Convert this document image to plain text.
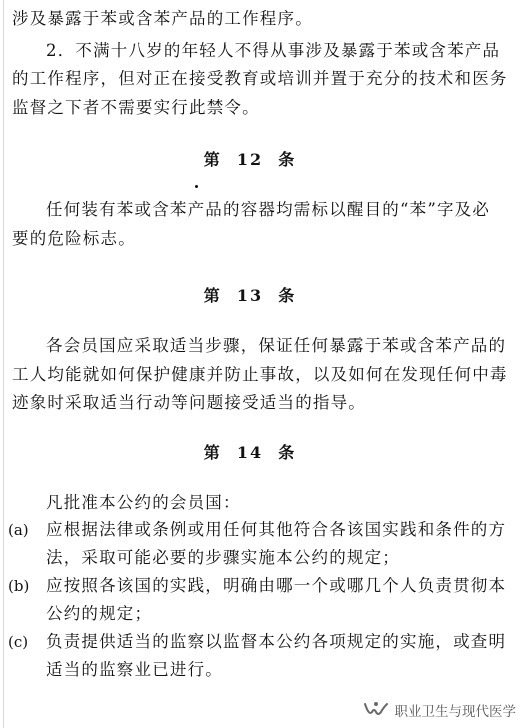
涉及暴露于苯或含苯产品的工作程序。
2．不满十八岁的年轻人不得从事涉及暴露于苯或含苯产品
的工作程序，但对正在接受教育或培训并置于充分的技术和医务
监督之下者不需要实行此禁令。
第  12  条
任何装有苯或含苯产品的容器均需标以醒目的“苯”字及必
要的危险标志。
第  13  条
各会员国应采取适当步骤，保证任何暴露于苯或含苯产品的
工人均能就如何保护健康并防止事故，以及如何在发现任何中毒
迹象时采取适当行动等问题接受适当的指导。
第  14  条
凡批准本公约的会员国：
(a) 应根据法律或条例或用任何其他符合各该国实践和条件的方
法，采取可能必要的步骤实施本公约的规定；
(b) 应按照各该国的实践，明确由哪一个或哪几个人负责贯彻本
公约的规定；
(c) 负责提供适当的监察以监督本公约各项规定的实施，或查明
适当的监察业已进行。
职业卫生与现代医学
